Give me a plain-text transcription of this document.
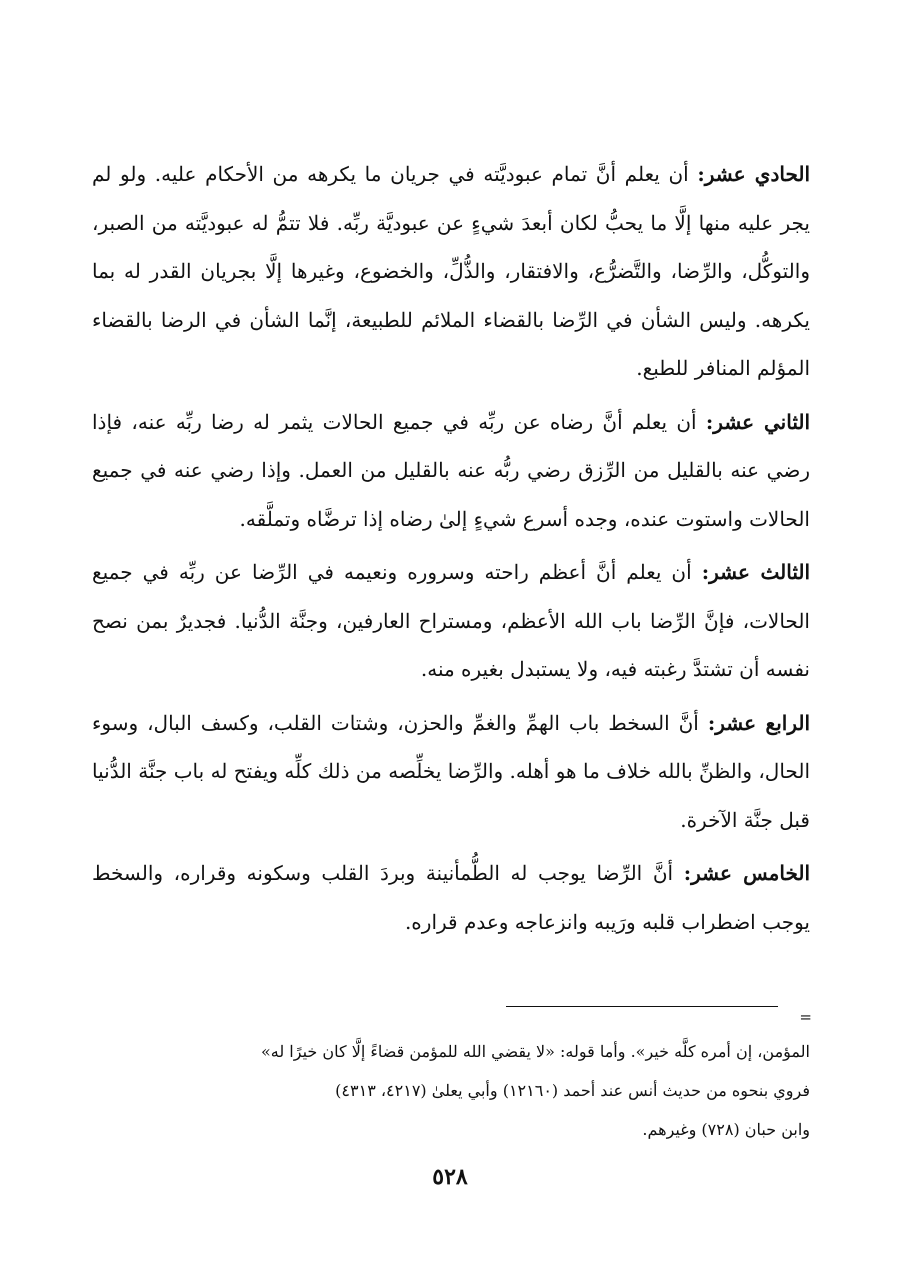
الحادي عشر: أن يعلم أنَّ تمام عبوديَّته في جريان ما يكرهه من الأحكام عليه. ولو لم يجر عليه منها إلَّا ما يحبُّ لكان أبعدَ شيءٍ عن عبوديَّة ربِّه. فلا تتمُّ له عبوديَّته من الصبر، والتوكُّل، والرِّضا، والتَّضرُّع، والافتقار، والذُّلِّ، والخضوع، وغيرها إلَّا بجريان القدر له بما يكرهه. وليس الشأن في الرِّضا بالقضاء الملائم للطبيعة، إنَّما الشأن في الرضا بالقضاء المؤلم المنافر للطبع.

الثاني عشر: أن يعلم أنَّ رضاه عن ربِّه في جميع الحالات يثمر له رضا ربِّه عنه، فإذا رضي عنه بالقليل من الرِّزق رضي ربُّه عنه بالقليل من العمل. وإذا رضي عنه في جميع الحالات واستوت عنده، وجده أسرع شيءٍ إلىٰ رضاه إذا ترضَّاه وتملَّقه.

الثالث عشر: أن يعلم أنَّ أعظم راحته وسروره ونعيمه في الرِّضا عن ربِّه في جميع الحالات، فإنَّ الرِّضا باب الله الأعظم، ومستراح العارفين، وجنَّة الدُّنيا. فجديرٌ بمن نصح نفسه أن تشتدَّ رغبته فيه، ولا يستبدل بغيره منه.

الرابع عشر: أنَّ السخط باب الهمِّ والغمِّ والحزن، وشتات القلب، وكسف البال، وسوء الحال، والظنِّ بالله خلاف ما هو أهله. والرِّضا يخلِّصه من ذلك كلِّه ويفتح له باب جنَّة الدُّنيا قبل جنَّة الآخرة.

الخامس عشر: أنَّ الرِّضا يوجب له الطُّمأنينة وبردَ القلب وسكونه وقراره، والسخط يوجب اضطراب قلبه ورَيبه وانزعاجه وعدم قراره.

=
المؤمن، إن أمره كلَّه خير». وأما قوله: «لا يقضي الله للمؤمن قضاءً إلَّا كان خيرًا له»
فروي بنحوه من حديث أنس عند أحمد (١٢١٦٠) وأبي يعلىٰ (٤٢١٧، ٤٣١٣)
وابن حبان (٧٢٨) وغيرهم.
٥٢٨
